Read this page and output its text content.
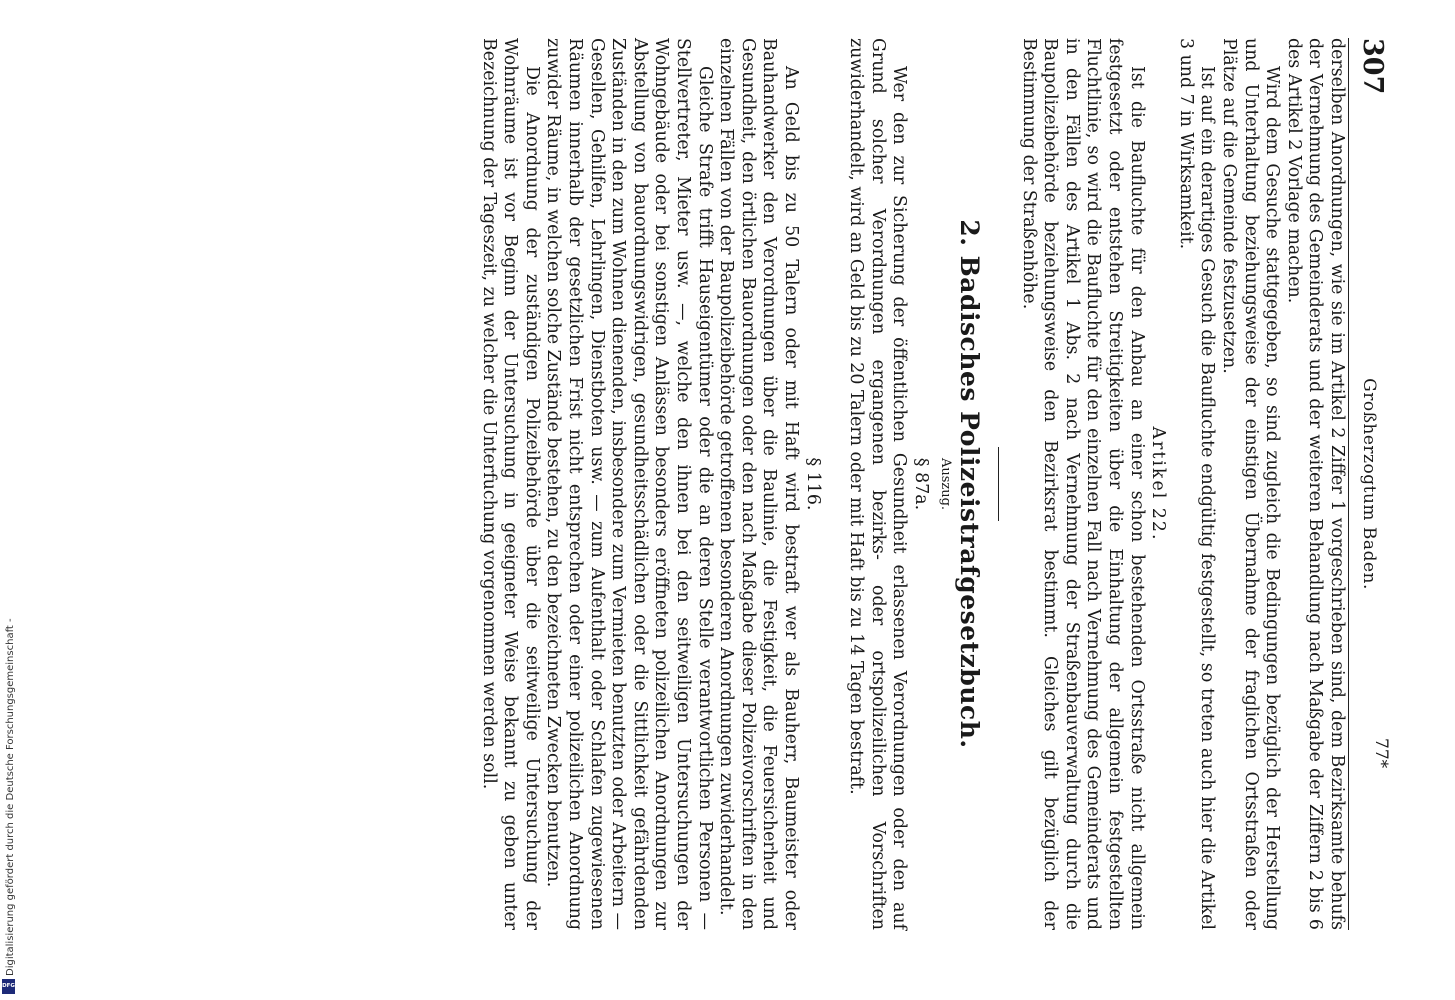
307
Großherzogtum Baden.

derselben Anordnungen, wie sie im Artikel 2 Ziffer 1 vorgeschrieben sind, dem Bezirksamte behufs der Vernehmung des Gemeinderats und der weiteren Behandlung nach Maßgabe der Ziffern 2 bis 6 des Artikel 2 Vorlage machen.

Wird dem Gesuche stattgegeben, so sind zugleich die Bedingungen bezüglich der Herstellung und Unterhaltung beziehungsweise der einstigen Übernahme der fraglichen Ortsstraßen oder Plätze auf die Gemeinde festzusetzen.

Ist auf ein derartiges Gesuch die Baufluchte endgültig festgestellt, so treten auch hier die Artikel 3 und 7 in Wirksamkeit.

Artikel 22.

Ist die Baufluchte für den Anbau an einer schon bestehenden Ortsstraße nicht allgemein festgesetzt oder entstehen Streitigkeiten über die Einhaltung der allgemein festgestellten Fluchtlinie, so wird die Baufluchte für den einzelnen Fall nach Vernehmung des Gemeinderats und in den Fällen des Artikel 1 Abs. 2 nach Vernehmung der Straßenbauverwaltung durch die Baupolizeibehörde beziehungsweise den Bezirksrat bestimmt. Gleiches gilt bezüglich der Bestimmung der Straßenhöhe.

2. Badisches Polizeistrafgesetzbuch.

Auszug.

§ 87a.

Wer den zur Sicherung der öffentlichen Gesundheit erlassenen Verordnungen oder den auf Grund solcher Verordnungen ergangenen bezirks- oder ortspolizeilichen Vorschriften zuwiderhandelt, wird an Geld bis zu 20 Talern oder mit Haft bis zu 14 Tagen bestraft.

§ 116.

An Geld bis zu 50 Talern oder mit Haft wird bestraft wer als Bauherr, Baumeister oder Bauhandwerker den Verordnungen über die Baulinie, die Festigkeit, die Feuersicherheit und Gesundheit, den örtlichen Bauordnungen oder den nach Maßgabe dieser Polizeivorschriften in den einzelnen Fällen von der Baupolizeibehörde getroffenen besonderen Anordnungen zuwiderhandelt.

Gleiche Strafe trifft Hauseigentümer oder die an deren Stelle verantwortlichen Personen — Stellvertreter, Mieter usw. —, welche den ihnen bei den seitweiligen Untersuchungen der Wohngebäude oder bei sonstigen Anlässen besonders eröffneten polizeilichen Anordnungen zur Abstellung von bauordnungswidrigen, gesundheitsschädlichen oder die Sittlichkeit gefährdenden Zuständen in den zum Wohnen dienenden, insbesondere zum Vermieten benutzten oder Arbeitern — Gesellen, Gehilfen, Lehrlingen, Dienstboten usw. — zum Aufenthalt oder Schlafen zugewiesenen Räumen innerhalb der gesetzlichen Frist nicht entsprechen oder einer polizeilichen Anordnung zuwider Räume, in welchen solche Zustände bestehen, zu den bezeichneten Zwecken benutzen.

Die Anordnung der zuständigen Polizeibehörde über die seitweilige Untersuchung der Wohnräume ist vor Beginn der Untersuchung in geeigneter Weise bekannt zu geben unter Bezeichnung der Tageszeit, zu welcher die Unterfuchung vorgenommen werden soll.	77*
Digitalisierung gefördert durch die Deutsche Forschungsgemeinschaft -
DFG
